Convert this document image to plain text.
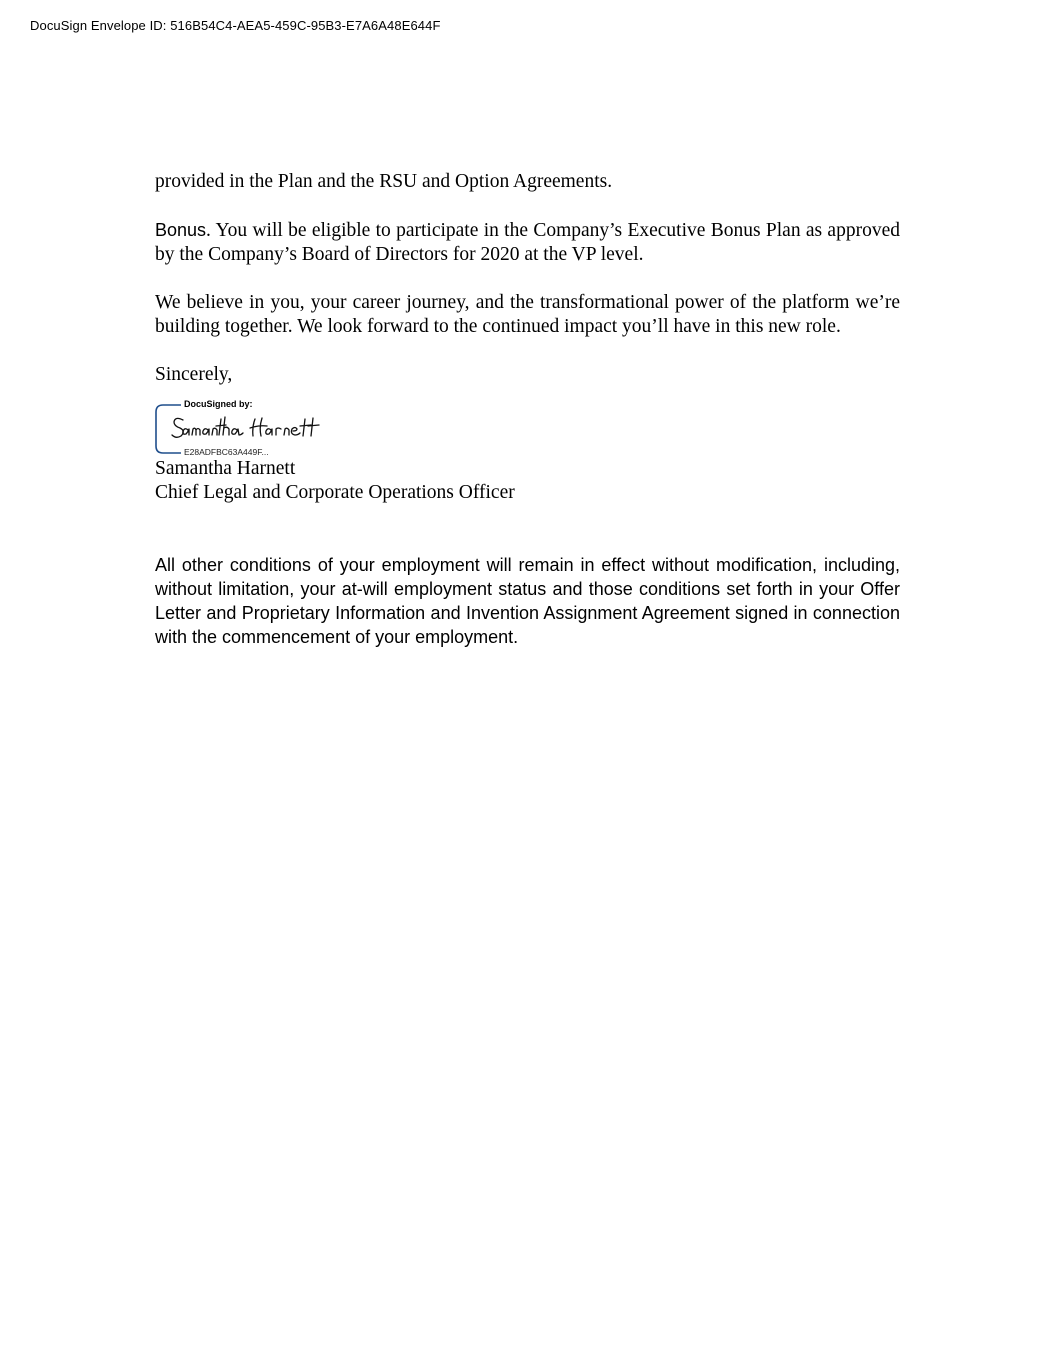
DocuSign Envelope ID: 516B54C4-AEA5-459C-95B3-E7A6A48E644F

provided in the Plan and the RSU and Option Agreements.

Bonus. You will be eligible to participate in the Company’s Executive Bonus Plan as approved by the Company’s Board of Directors for 2020 at the VP level.

We believe in you, your career journey, and the transformational power of the platform we’re building together. We look forward to the continued impact you’ll have in this new role.

Sincerely,

DocuSigned by:
E28ADFBC63A449F...

Samantha Harnett

Chief Legal and Corporate Operations Officer

All other conditions of your employment will remain in effect without modification, including, without limitation, your at-will employment status and those conditions set forth in your Offer Letter and Proprietary Information and Invention Assignment Agreement signed in connection with the commencement of your employment.
